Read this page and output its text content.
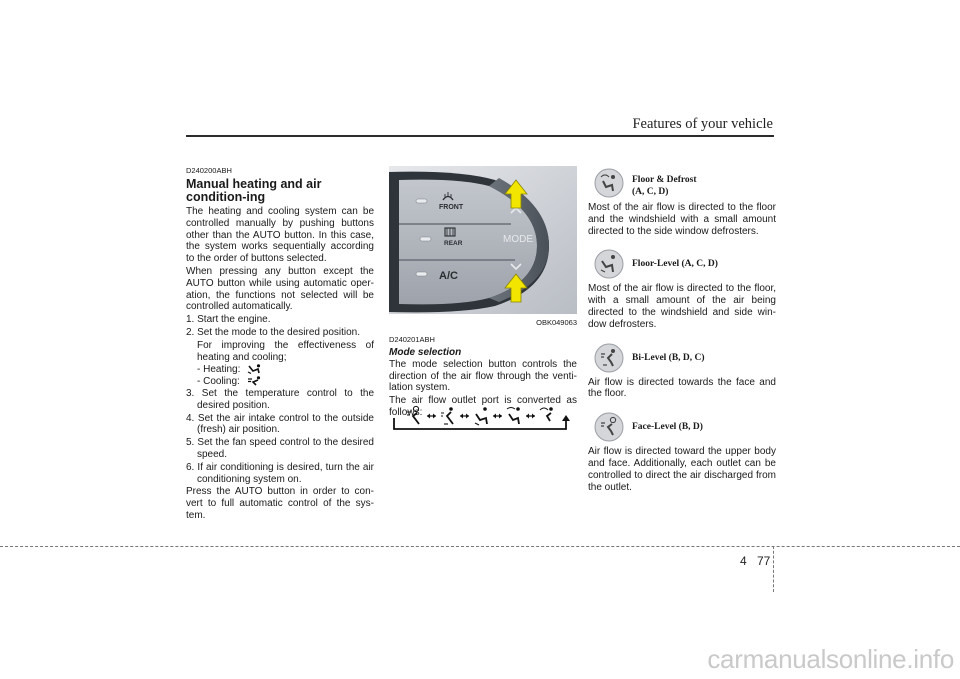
Features of your vehicle
D240200ABH
Manual heating and air condition-ing

The heating and cooling system can be controlled manually by pushing buttons other than the AUTO button. In this case, the system works sequentially according to the order of buttons selected.

When pressing any button except the AUTO button while using automatic oper-ation, the functions not selected will be controlled automatically.

1. Start the engine.

2. Set the mode to the desired position.

For improving the effectiveness of heating and cooling;

- Heating:
- Cooling:

3. Set the temperature control to the desired position.

4. Set the air intake control to the outside (fresh) air position.

5. Set the fan speed control to the desired speed.

6. If air conditioning is desired, turn the air conditioning system on.

Press the AUTO button in order to con-vert to full automatic control of the sys-tem.

FRONT
REAR
A/C
MODE
OBK049063
D240201ABH
Mode selection

The mode selection button controls the direction of the air flow through the venti-lation system.

The air flow outlet port is converted as follows:

Floor & Defrost
(A, C, D)

Most of the air flow is directed to the floor and the windshield with a small amount directed to the side window defrosters.

Floor-Level (A, C, D)

Most of the air flow is directed to the floor, with a small amount of the air being directed to the windshield and side win-dow defrosters.

Bi-Level (B, D, C)

Air flow is directed towards the face and the floor.

Face-Level (B, D)

Air flow is directed toward the upper body and face. Additionally, each outlet can be controlled to direct the air discharged from the outlet.

4 77
carmanualsonline.info
